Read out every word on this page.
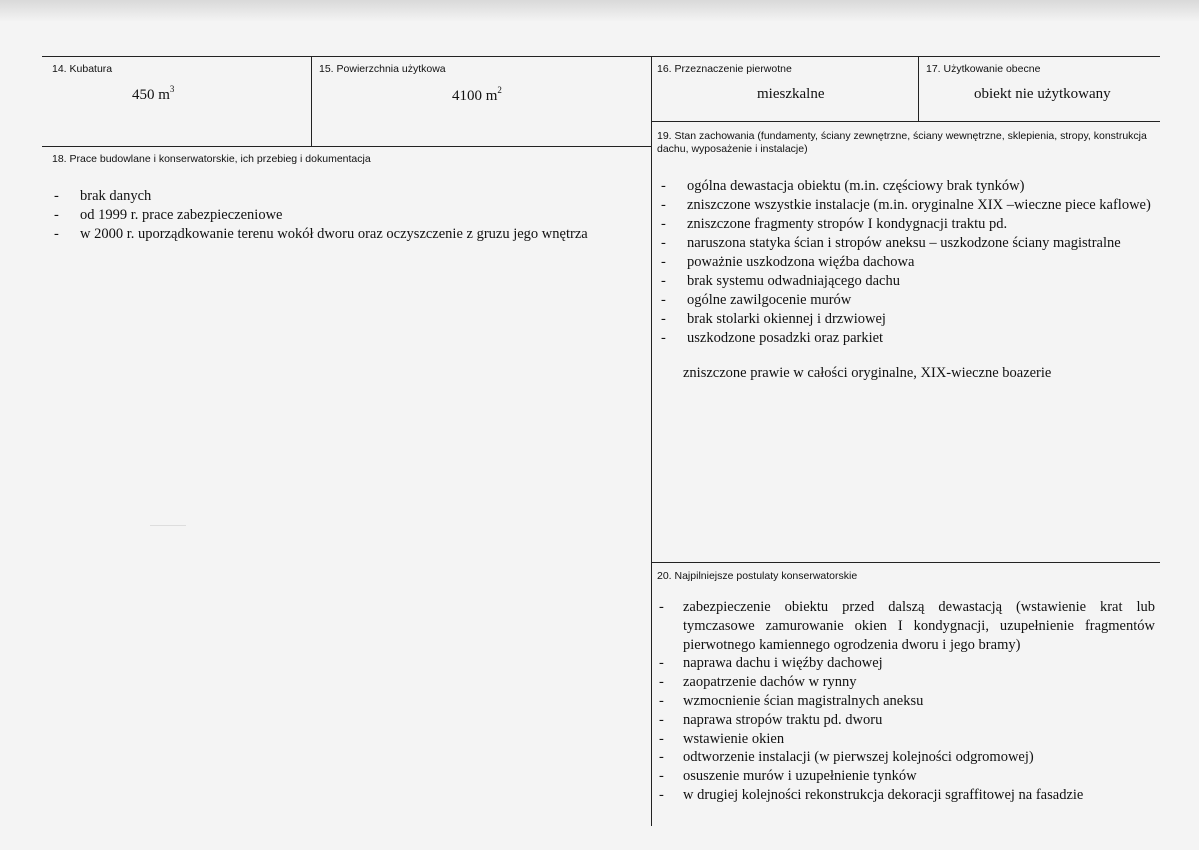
14. Kubatura
450 $m^3$
15. Powierzchnia użytkowa
4100 $m^2$
16. Przeznaczenie pierwotne
mieszkalne
17. Użytkowanie obecne
obiekt nie użytkowany
18. Prace budowlane i konserwatorskie, ich przebieg i dokumentacja
- brak danych
- od 1999 r. prace zabezpieczeniowe
- w 2000 r. uporządkowanie terenu wokół dworu oraz oczyszczenie z gruzu jego wnętrza
19. Stan zachowania (fundamenty, ściany zewnętrzne, ściany wewnętrzne, sklepienia, stropy, konstrukcja dachu, wyposażenie i instalacje)
- ogólna dewastacja obiektu (m.in. częściowy brak tynków)
- zniszczone wszystkie instalacje (m.in. oryginalne XIX –wieczne piece kaflowe)
- zniszczone fragmenty stropów I kondygnacji traktu pd.
- naruszona statyka ścian i stropów aneksu – uszkodzone ściany magistralne
- poważnie uszkodzona więźba dachowa
- brak systemu odwadniającego dachu
- ogólne zawilgocenie murów
- brak stolarki okiennej i drzwiowej
- uszkodzone posadzki oraz parkiet
zniszczone prawie w całości oryginalne, XIX-wieczne boazerie
20. Najpilniejsze postulaty konserwatorskie
- zabezpieczenie obiektu przed dalszą dewastacją (wstawienie krat lub tymczasowe zamurowanie okien I kondygnacji, uzupełnienie fragmentów pierwotnego kamiennego ogrodzenia dworu i jego bramy)
- naprawa dachu i więźby dachowej
- zaopatrzenie dachów w rynny
- wzmocnienie ścian magistralnych aneksu
- naprawa stropów traktu pd. dworu
- wstawienie okien
- odtworzenie instalacji (w pierwszej kolejności odgromowej)
- osuszenie murów i uzupełnienie tynków
- w drugiej kolejności rekonstrukcja dekoracji sgraffitowej na fasadzie
